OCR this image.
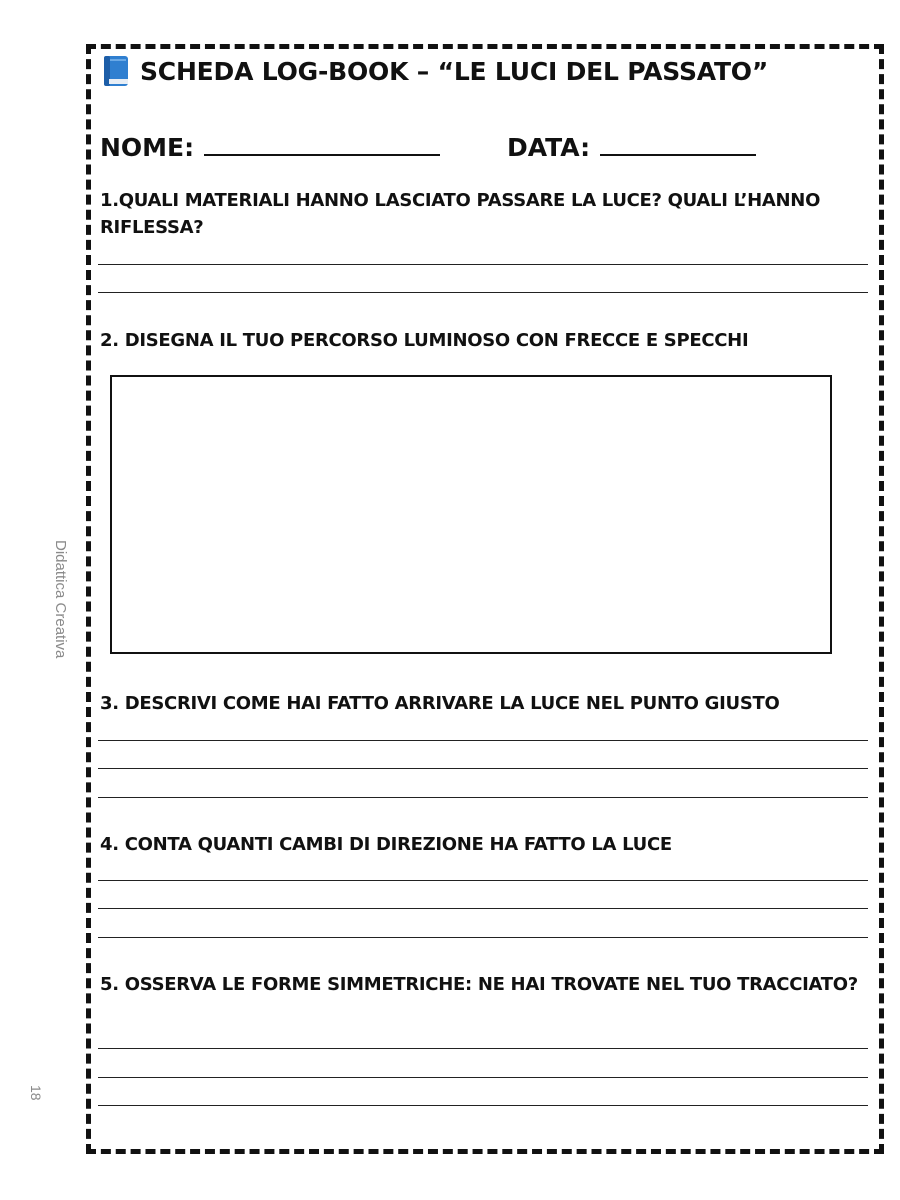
Didattica Creativa
18
SCHEDA LOG-BOOK – “LE LUCI DEL PASSATO”
NOME:	DATA:
1.QUALI MATERIALI HANNO LASCIATO PASSARE LA LUCE? QUALI L’HANNO RIFLESSA?
2. DISEGNA IL TUO PERCORSO LUMINOSO CON FRECCE E SPECCHI
3. DESCRIVI COME HAI FATTO ARRIVARE LA LUCE NEL PUNTO GIUSTO
4. CONTA QUANTI CAMBI DI DIREZIONE HA FATTO LA LUCE
5. OSSERVA LE FORME SIMMETRICHE: NE HAI TROVATE NEL TUO TRACCIATO?
